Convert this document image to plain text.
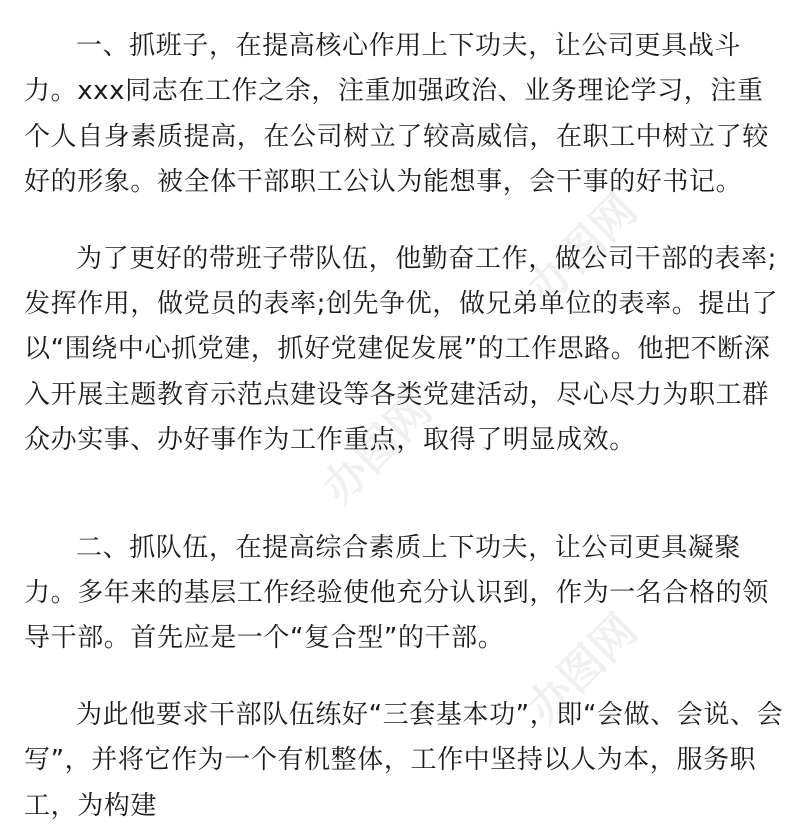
一、抓班子，在提高核心作用上下功夫，让公司更具战斗力。xxx同志在工作之余，注重加强政治、业务理论学习，注重个人自身素质提高，在公司树立了较高威信，在职工中树立了较好的形象。被全体干部职工公认为能想事，会干事的好书记。

为了更好的带班子带队伍，他勤奋工作，做公司干部的表率;发挥作用，做党员的表率;创先争优，做兄弟单位的表率。提出了以“围绕中心抓党建，抓好党建促发展”的工作思路。他把不断深入开展主题教育示范点建设等各类党建活动，尽心尽力为职工群众办实事、办好事作为工作重点，取得了明显成效。

二、抓队伍，在提高综合素质上下功夫，让公司更具凝聚力。多年来的基层工作经验使他充分认识到，作为一名合格的领导干部。首先应是一个“复合型”的干部。

为此他要求干部队伍练好“三套基本功”，即“会做、会说、会写”，并将它作为一个有机整体，工作中坚持以人为本，服务职工，为构建

办图网
办图网
办图网
